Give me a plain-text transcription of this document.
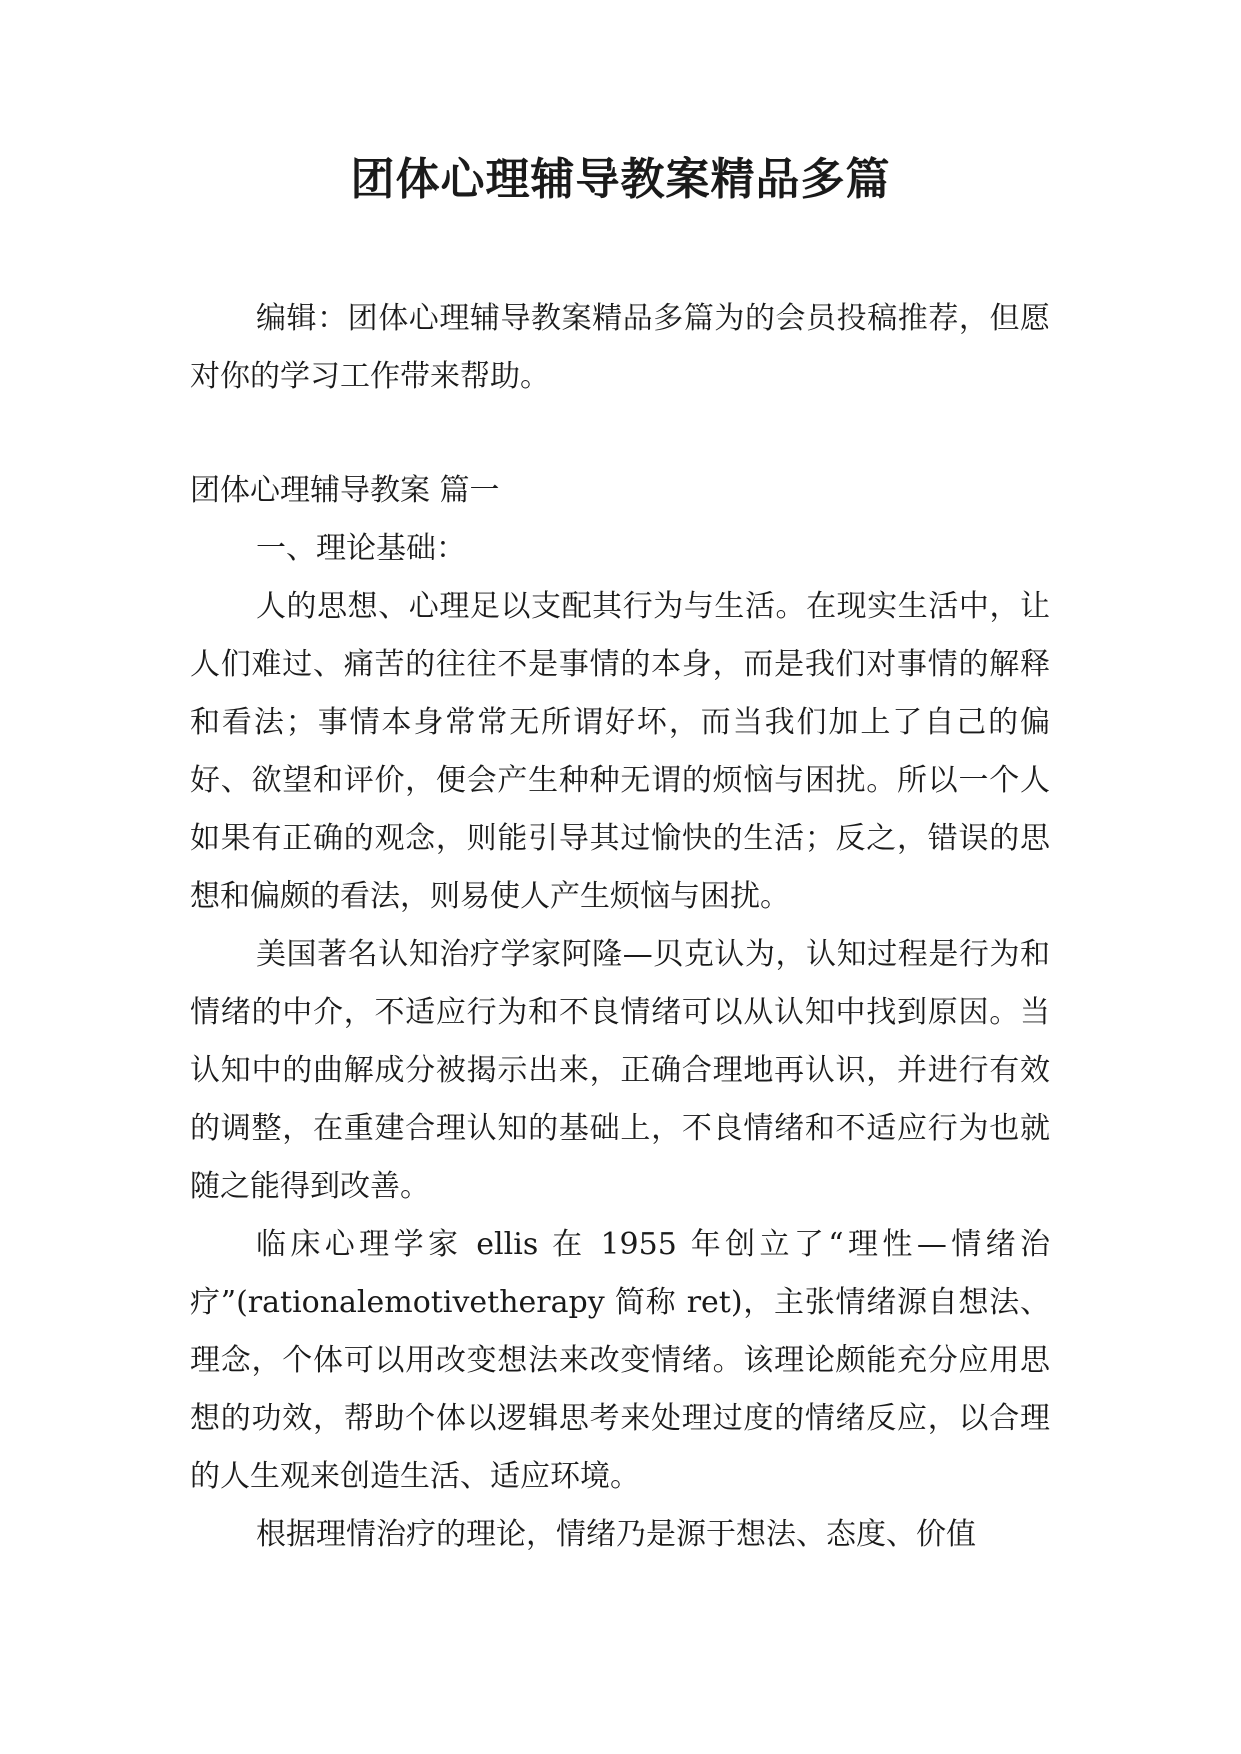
团体心理辅导教案精品多篇

编辑：团体心理辅导教案精品多篇为的会员投稿推荐，但愿对你的学习工作带来帮助。

团体心理辅导教案 篇一

一、理论基础：

人的思想、心理足以支配其行为与生活。在现实生活中，让人们难过、痛苦的往往不是事情的本身，而是我们对事情的解释和看法；事情本身常常无所谓好坏，而当我们加上了自己的偏好、欲望和评价，便会产生种种无谓的烦恼与困扰。所以一个人如果有正确的观念，则能引导其过愉快的生活；反之，错误的思想和偏颇的看法，则易使人产生烦恼与困扰。

美国著名认知治疗学家阿隆—贝克认为，认知过程是行为和情绪的中介，不适应行为和不良情绪可以从认知中找到原因。当认知中的曲解成分被揭示出来，正确合理地再认识，并进行有效的调整，在重建合理认知的基础上，不良情绪和不适应行为也就随之能得到改善。

临床心理学家 ellis 在 1955 年创立了“理性—情绪治疗”(rationalemotivetherapy 简称 ret)，主张情绪源自想法、理念，个体可以用改变想法来改变情绪。该理论颇能充分应用思想的功效，帮助个体以逻辑思考来处理过度的情绪反应，以合理的人生观来创造生活、适应环境。

根据理情治疗的理论，情绪乃是源于想法、态度、价值
